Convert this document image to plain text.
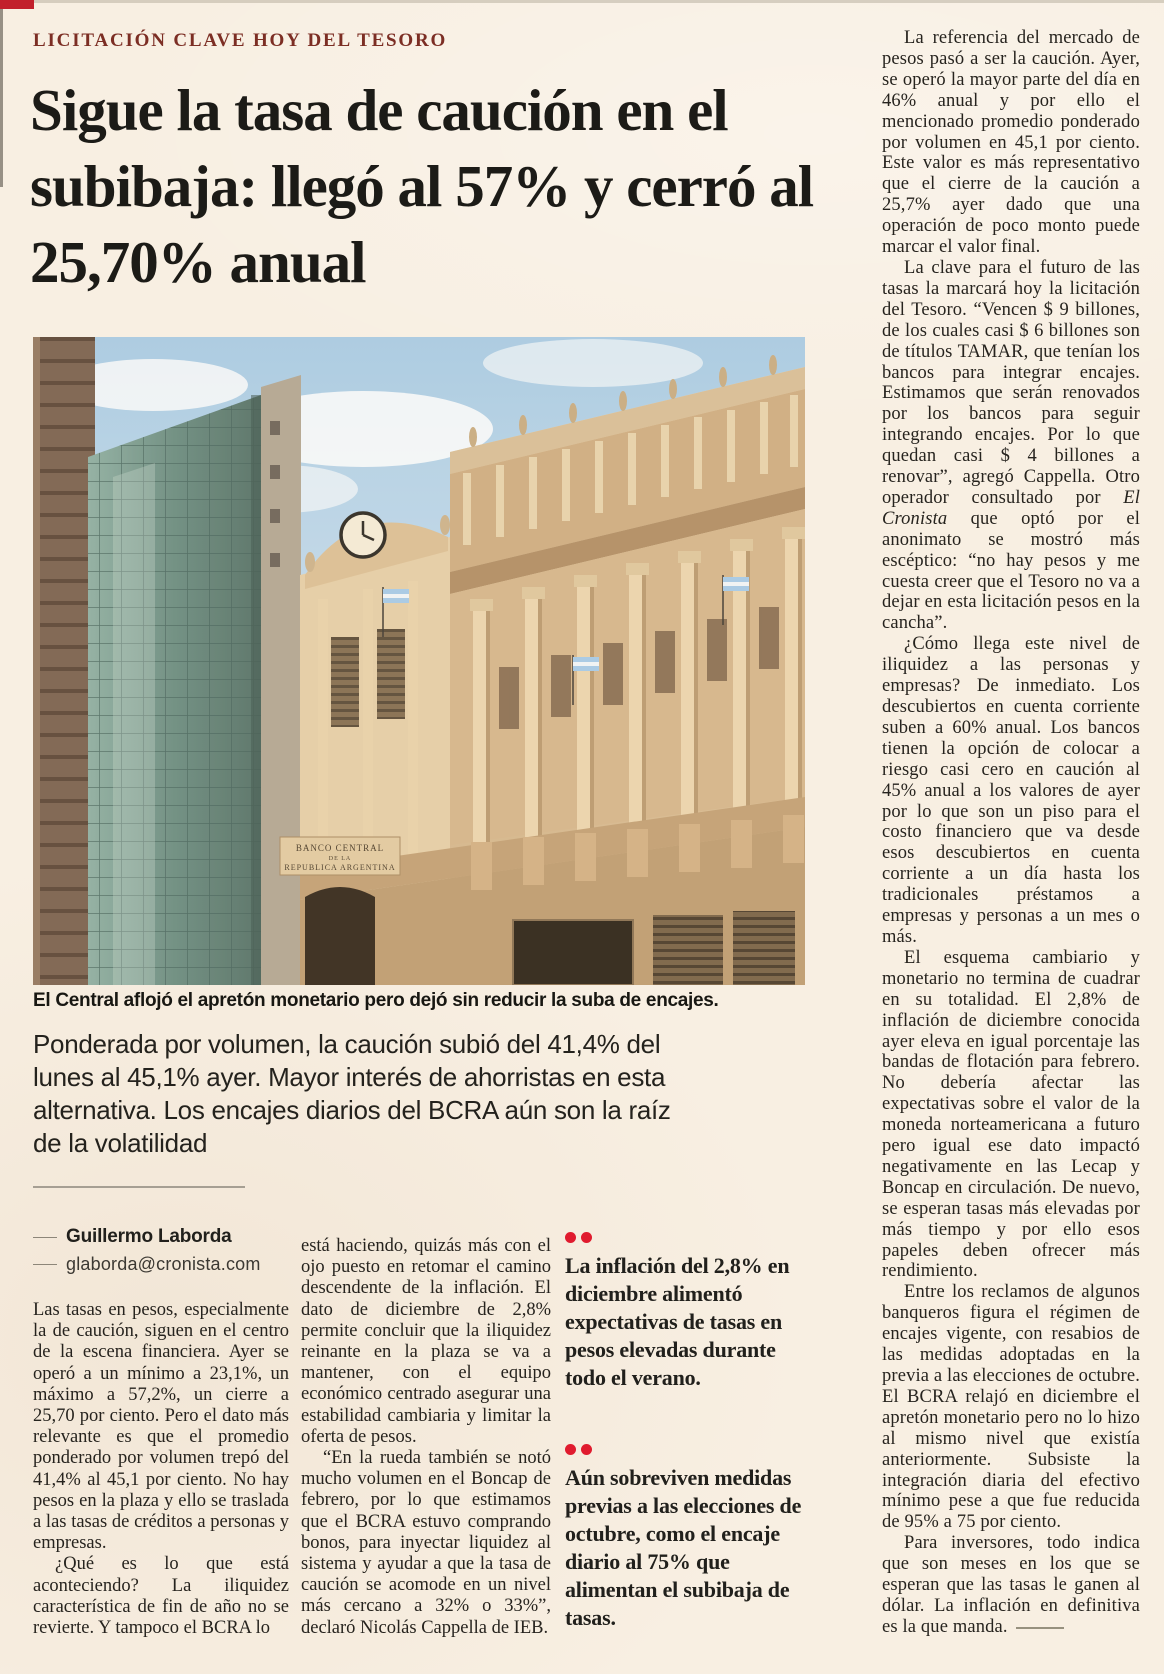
LICITACIÓN CLAVE HOY DEL TESORO
Sigue la tasa de caución en el subibaja: llegó al 57% y cerró al 25,70% anual
BANCO CENTRAL
DE LA
REPUBLICA ARGENTINA
El Central aflojó el apretón monetario pero dejó sin reducir la suba de encajes.
Ponderada por volumen, la caución subió del 41,4% del lunes al 45,1% ayer. Mayor interés de ahorristas en esta alternativa. Los encajes diarios del BCRA aún son la raíz de la volatilidad
Guillermo Laborda
glaborda@cronista.com

Las tasas en pesos, especialmente la de caución, siguen en el centro de la escena financiera. Ayer se operó a un mínimo a 23,1%, un máximo a 57,2%, un cierre a 25,70 por ciento. Pero el dato más relevante es que el promedio ponderado por volumen trepó del 41,4% al 45,1 por ciento. No hay pesos en la plaza y ello se traslada a las tasas de créditos a personas y empresas.

¿Qué es lo que está aconteciendo? La iliquidez característica de fin de año no se revierte. Y tampoco el BCRA lo

está haciendo, quizás más con el ojo puesto en retomar el camino descendente de la inflación. El dato de diciembre de 2,8% permite concluir que la iliquidez reinante en la plaza se va a mantener, con el equipo económico centrado asegurar una estabilidad cambiaria y limitar la oferta de pesos.

“En la rueda también se notó mucho volumen en el Boncap de febrero, por lo que estimamos que el BCRA estuvo comprando bonos, para inyectar liquidez al sistema y ayudar a que la tasa de caución se acomode en un nivel más cercano a 32% o 33%”, declaró Nicolás Cappella de IEB.

La inflación del 2,8% en diciembre alimentó expectativas de tasas en pesos elevadas durante todo el verano.

Aún sobreviven medidas previas a las elecciones de octubre, como el encaje diario al 75% que alimentan el subibaja de tasas.

La referencia del mercado de pesos pasó a ser la caución. Ayer, se operó la mayor parte del día en 46% anual y por ello el mencionado promedio ponderado por volumen en 45,1 por ciento. Este valor es más representativo que el cierre de la caución a 25,7% ayer dado que una operación de poco monto puede marcar el valor final.

La clave para el futuro de las tasas la marcará hoy la licitación del Tesoro. “Vencen $ 9 billones, de los cuales casi $ 6 billones son de títulos TAMAR, que tenían los bancos para integrar encajes. Estimamos que serán renovados por los bancos para seguir integrando encajes. Por lo que quedan casi $ 4 billones a renovar”, agregó Cappella. Otro operador consultado por El Cronista que optó por el anonimato se mostró más escéptico: “no hay pesos y me cuesta creer que el Tesoro no va a dejar en esta licitación pesos en la cancha”.

¿Cómo llega este nivel de iliquidez a las personas y empresas? De inmediato. Los descubiertos en cuenta corriente suben a 60% anual. Los bancos tienen la opción de colocar a riesgo casi cero en caución al 45% anual a los valores de ayer por lo que son un piso para el costo financiero que va desde esos descubiertos en cuenta corriente a un día hasta los tradicionales préstamos a empresas y personas a un mes o más.

El esquema cambiario y monetario no termina de cuadrar en su totalidad. El 2,8% de inflación de diciembre conocida ayer eleva en igual porcentaje las bandas de flotación para febrero. No debería afectar las expectativas sobre el valor de la moneda norteamericana a futuro pero igual ese dato impactó negativamente en las Lecap y Boncap en circulación. De nuevo, se esperan tasas más elevadas por más tiempo y por ello esos papeles deben ofrecer más rendimiento.

Entre los reclamos de algunos banqueros figura el régimen de encajes vigente, con resabios de las medidas adoptadas en la previa a las elecciones de octubre. El BCRA relajó en diciembre el apretón monetario pero no lo hizo al mismo nivel que existía anteriormente. Subsiste la integración diaria del efectivo mínimo pese a que fue reducida de 95% a 75 por ciento.

Para inversores, todo indica que son meses en los que se esperan que las tasas le ganen al dólar. La inflación en definitiva es la que manda.
